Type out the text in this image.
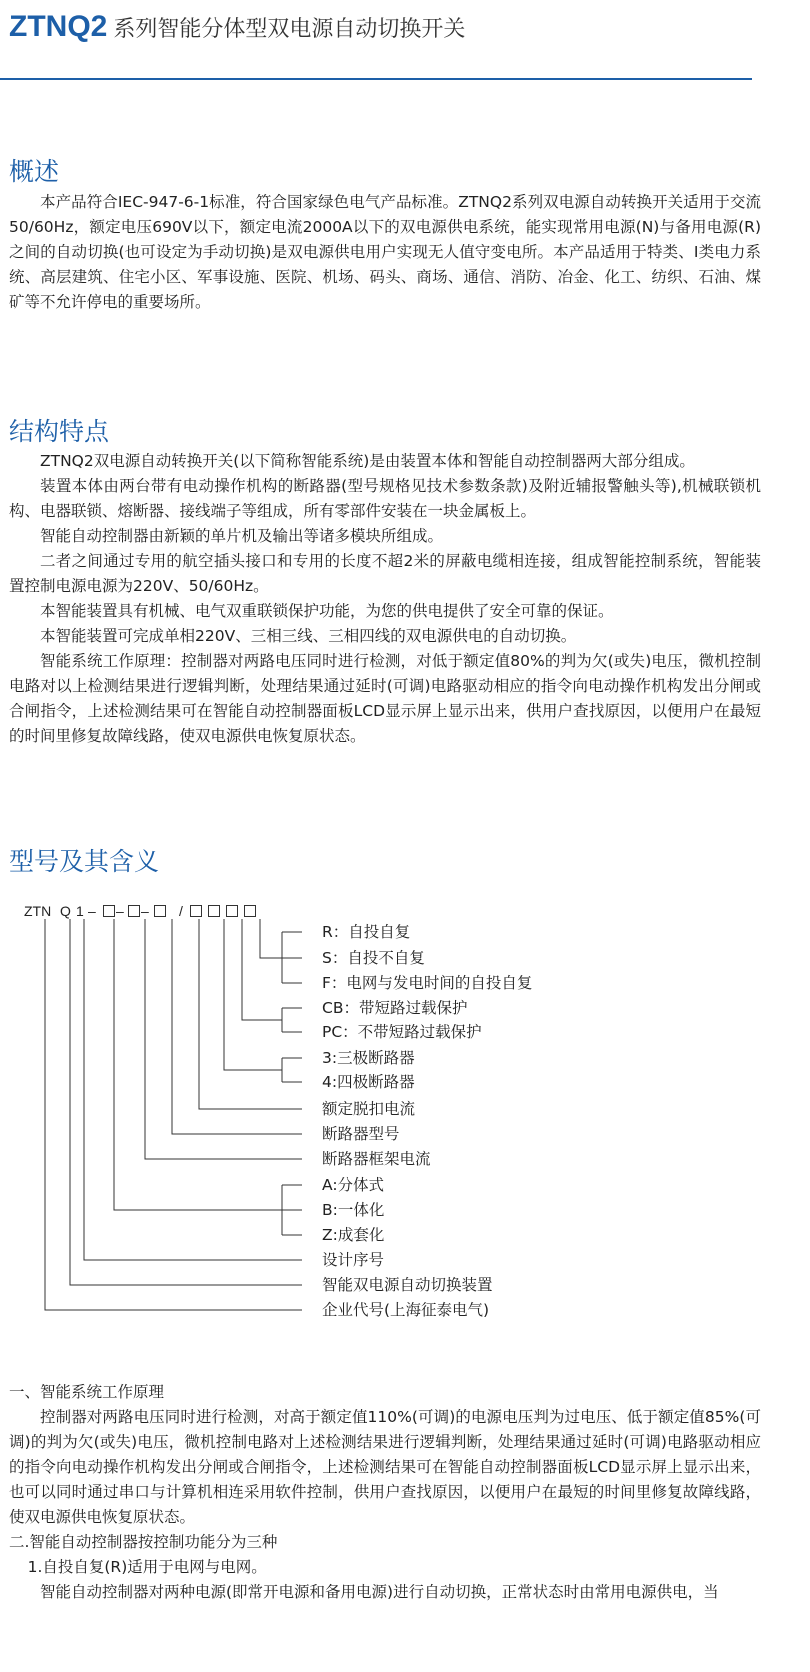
ZTNQ2 系列智能分体型双电源自动切换开关
概述

本产品符合IEC-947-6-1标准，符合国家绿色电气产品标准。ZTNQ2系列双电源自动转换开关适用于交流50/60Hz，额定电压690V以下，额定电流2000A以下的双电源供电系统，能实现常用电源(N)与备用电源(R)之间的自动切换(也可设定为手动切换)是双电源供电用户实现无人值守变电所。本产品适用于特类、Ⅰ类电力系统、高层建筑、住宅小区、军事设施、医院、机场、码头、商场、通信、消防、冶金、化工、纺织、石油、煤矿等不允许停电的重要场所。

结构特点

ZTNQ2双电源自动转换开关(以下简称智能系统)是由装置本体和智能自动控制器两大部分组成。

装置本体由两台带有电动操作机构的断路器(型号规格见技术参数条款)及附近辅报警触头等),机械联锁机构、电器联锁、熔断器、接线端子等组成，所有零部件安装在一块金属板上。

智能自动控制器由新颖的单片机及输出等诸多模块所组成。

二者之间通过专用的航空插头接口和专用的长度不超2米的屏蔽电缆相连接，组成智能控制系统，智能装置控制电源电源为220V、50/60Hz。

本智能装置具有机械、电气双重联锁保护功能，为您的供电提供了安全可靠的保证。

本智能装置可完成单相220V、三相三线、三相四线的双电源供电的自动切换。

智能系统工作原理：控制器对两路电压同时进行检测，对低于额定值80%的判为欠(或失)电压，微机控制电路对以上检测结果进行逻辑判断，处理结果通过延时(可调)电路驱动相应的指令向电动操作机构发出分闸或合闸指令，上述检测结果可在智能自动控制器面板LCD显示屏上显示出来，供用户查找原因，以便用户在最短的时间里修复故障线路，使双电源供电恢复原状态。

型号及其含义
ZTN Q 1 – – – /
R：自投自复
S：自投不自复
F：电网与发电时间的自投自复
CB：带短路过载保护
PC：不带短路过载保护
3:三极断路器
4:四极断路器
额定脱扣电流
断路器型号
断路器框架电流
A:分体式
B:一体化
Z:成套化
设计序号
智能双电源自动切换装置
企业代号(上海征泰电气)

一、智能系统工作原理

控制器对两路电压同时进行检测，对高于额定值110%(可调)的电源电压判为过电压、低于额定值85%(可调)的判为欠(或失)电压，微机控制电路对上述检测结果进行逻辑判断，处理结果通过延时(可调)电路驱动相应的指令向电动操作机构发出分闸或合闸指令，上述检测结果可在智能自动控制器面板LCD显示屏上显示出来，也可以同时通过串口与计算机相连采用软件控制，供用户查找原因，以便用户在最短的时间里修复故障线路，使双电源供电恢复原状态。

二.智能自动控制器按控制功能分为三种

1.自投自复(R)适用于电网与电网。

智能自动控制器对两种电源(即常开电源和备用电源)进行自动切换，正常状态时由常用电源供电，当
